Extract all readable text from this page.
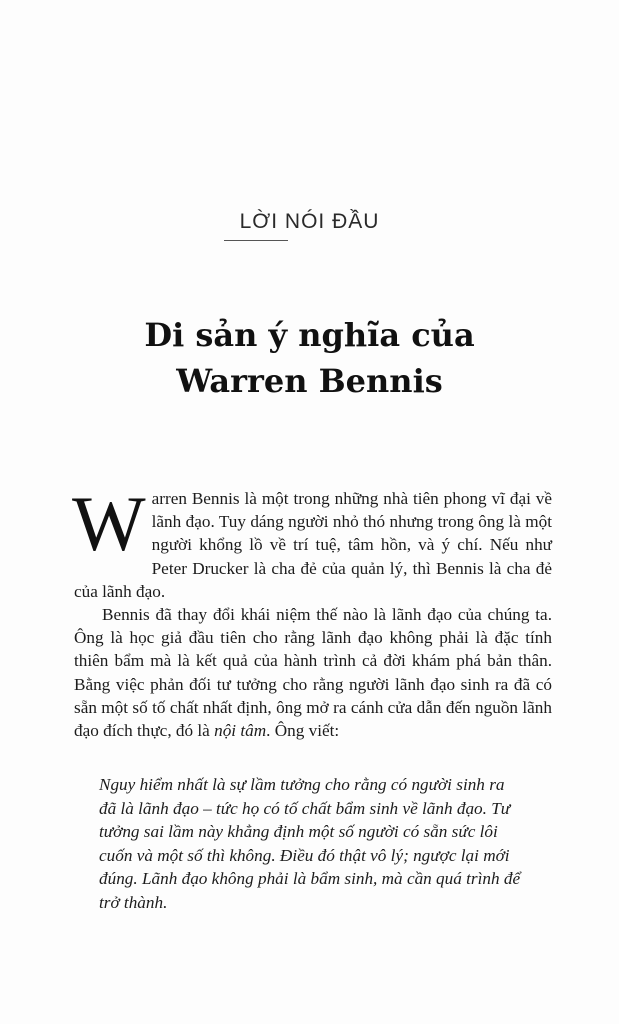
LỜI NÓI ĐẦU
Di sản ý nghĩa của
Warren Bennis

Warren Bennis là một trong những nhà tiên phong vĩ đại về lãnh đạo. Tuy dáng người nhỏ thó nhưng trong ông là một người khổng lồ về trí tuệ, tâm hồn, và ý chí. Nếu như Peter Drucker là cha đẻ của quản lý, thì Bennis là cha đẻ của lãnh đạo.

Bennis đã thay đổi khái niệm thế nào là lãnh đạo của chúng ta. Ông là học giả đầu tiên cho rằng lãnh đạo không phải là đặc tính thiên bẩm mà là kết quả của hành trình cả đời khám phá bản thân. Bằng việc phản đối tư tưởng cho rằng người lãnh đạo sinh ra đã có sẵn một số tố chất nhất định, ông mở ra cánh cửa dẫn đến nguồn lãnh đạo đích thực, đó là nội tâm. Ông viết:

Nguy hiểm nhất là sự lầm tưởng cho rằng có người sinh ra đã là lãnh đạo – tức họ có tố chất bẩm sinh về lãnh đạo. Tư tưởng sai lầm này khẳng định một số người có sẵn sức lôi cuốn và một số thì không. Điều đó thật vô lý; ngược lại mới đúng. Lãnh đạo không phải là bẩm sinh, mà cần quá trình để trở thành.
